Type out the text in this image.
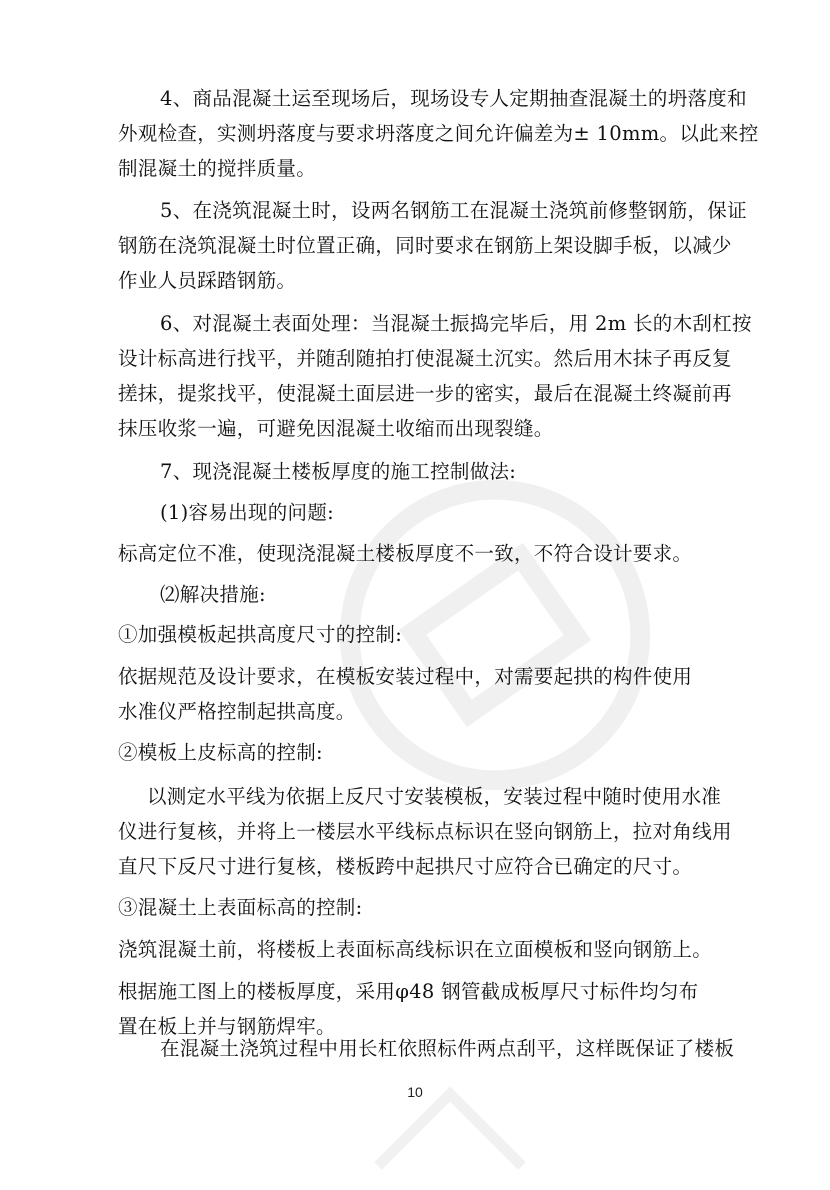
4、商品混凝土运至现场后，现场设专人定期抽查混凝土的坍落度和
外观检查，实测坍落度与要求坍落度之间允许偏差为± 10mm。以此来控
制混凝土的搅拌质量。
5、在浇筑混凝土时，设两名钢筋工在混凝土浇筑前修整钢筋，保证
钢筋在浇筑混凝土时位置正确，同时要求在钢筋上架设脚手板，以减少
作业人员踩踏钢筋。
6、对混凝土表面处理：当混凝土振捣完毕后，用 2m 长的木刮杠按
设计标高进行找平，并随刮随拍打使混凝土沉实。然后用木抹子再反复
搓抹，提浆找平，使混凝土面层进一步的密实，最后在混凝土终凝前再
抹压收浆一遍，可避免因混凝土收缩而出现裂缝。
7、现浇混凝土楼板厚度的施工控制做法:
(1)容易出现的问题:
标高定位不准，使现浇混凝土楼板厚度不一致，不符合设计要求。
⑵解决措施:
①加强模板起拱高度尺寸的控制:
依据规范及设计要求，在模板安装过程中，对需要起拱的构件使用
水准仪严格控制起拱高度。
②模板上皮标高的控制:
以测定水平线为依据上反尺寸安装模板，安装过程中随时使用水准
仪进行复核，并将上一楼层水平线标点标识在竖向钢筋上，拉对角线用
直尺下反尺寸进行复核，楼板跨中起拱尺寸应符合已确定的尺寸。
③混凝土上表面标高的控制:
浇筑混凝土前，将楼板上表面标高线标识在立面模板和竖向钢筋上。
根据施工图上的楼板厚度，采用φ48 钢管截成板厚尺寸标件均匀布
置在板上并与钢筋焊牢。
在混凝土浇筑过程中用长杠依照标件两点刮平，这样既保证了楼板
10
